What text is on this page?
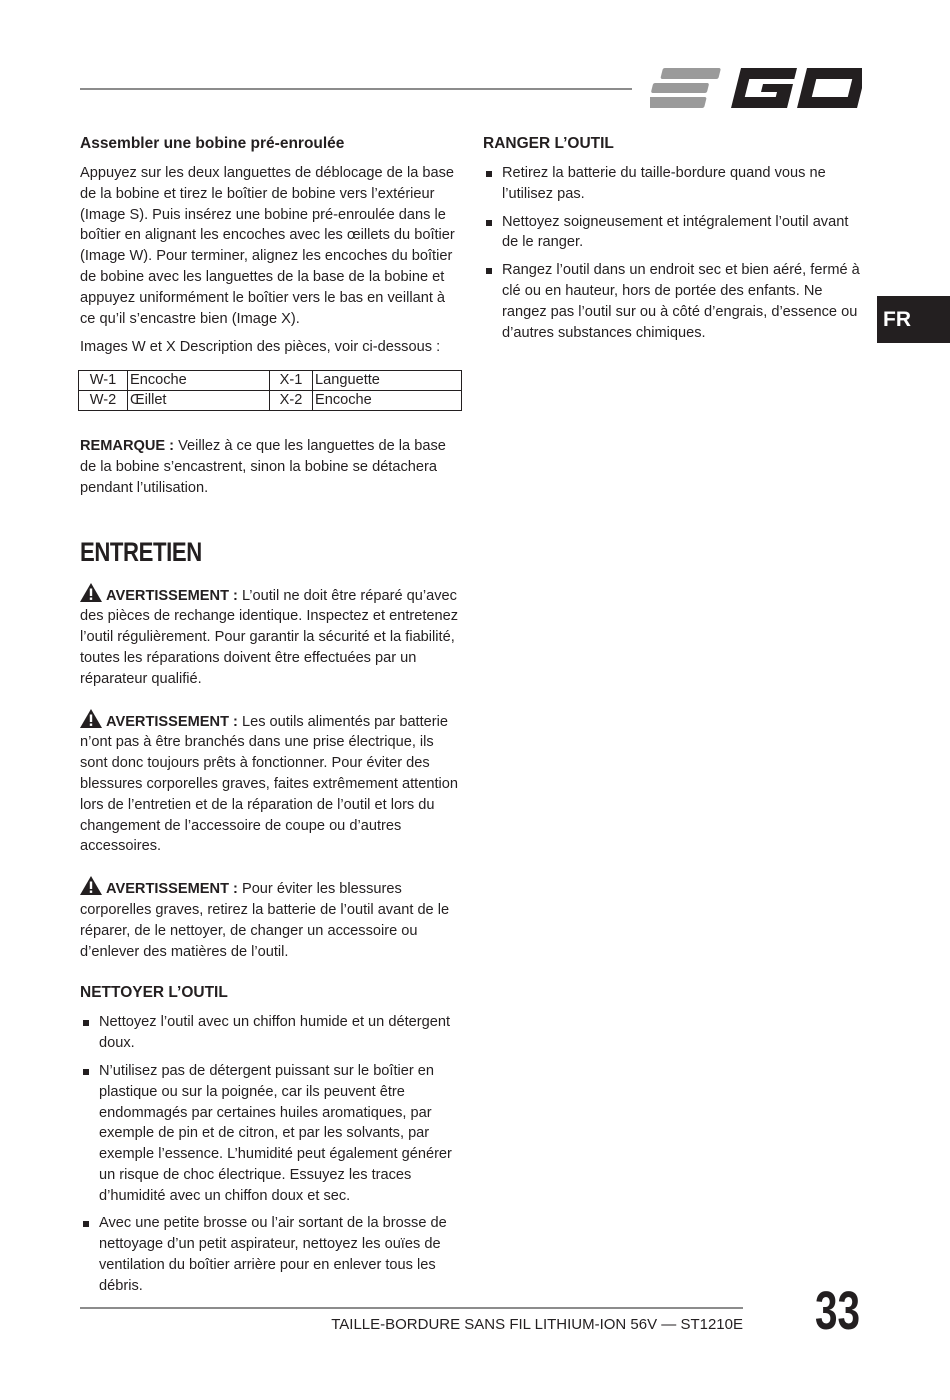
FR
Assembler une bobine pré-enroulée

Appuyez sur les deux languettes de déblocage de la base de la bobine et tirez le boîtier de bobine vers l’extérieur (Image S). Puis insérez une bobine pré-enroulée dans le boîtier en alignant les encoches avec les œillets du boîtier (Image W). Pour terminer, alignez les encoches du boîtier de bobine avec les languettes de la base de la bobine et appuyez uniformément le boîtier vers le bas en veillant à ce qu’il s’encastre bien (Image X).

Images W et X Description des pièces, voir ci-dessous :

W-1	Encoche	X-1	Languette
W-2	Œillet	X-2	Encoche

REMARQUE : Veillez à ce que les languettes de la base de la bobine s’encastrent, sinon la bobine se détachera pendant l’utilisation.

ENTRETIEN

AVERTISSEMENT : L’outil ne doit être réparé qu’avec des pièces de rechange identique. Inspectez et entretenez l’outil régulièrement. Pour garantir la sécurité et la fiabilité, toutes les réparations doivent être effectuées par un réparateur qualifié.

AVERTISSEMENT : Les outils alimentés par batterie n’ont pas à être branchés dans une prise électrique, ils sont donc toujours prêts à fonctionner. Pour éviter des blessures corporelles graves, faites extrêmement attention lors de l’entretien et de la réparation de l’outil et lors du changement de l’accessoire de coupe ou d’autres accessoires.

AVERTISSEMENT : Pour éviter les blessures corporelles graves, retirez la batterie de l’outil avant de le réparer, de le nettoyer, de changer un accessoire ou d’enlever des matières de l’outil.

NETTOYER L’OUTIL
Nettoyez l’outil avec un chiffon humide et un détergent doux.
N’utilisez pas de détergent puissant sur le boîtier en plastique ou sur la poignée, car ils peuvent être endommagés par certaines huiles aromatiques, par exemple de pin et de citron, et par les solvants, par exemple l’essence. L’humidité peut également générer un risque de choc électrique. Essuyez les traces d’humidité avec un chiffon doux et sec.
Avec une petite brosse ou l’air sortant de la brosse de nettoyage d’un petit aspirateur, nettoyez les ouïes de ventilation du boîtier arrière pour en enlever tous les débris.
RANGER L’OUTIL
Retirez la batterie du taille-bordure quand vous ne l’utilisez pas.
Nettoyez soigneusement et intégralement l’outil avant de le ranger.
Rangez l’outil dans un endroit sec et bien aéré, fermé à clé ou en hauteur, hors de portée des enfants. Ne rangez pas l’outil sur ou à côté d’engrais, d’essence ou d’autres substances chimiques.
TAILLE-BORDURE SANS FIL LITHIUM-ION 56V — ST1210E 33
